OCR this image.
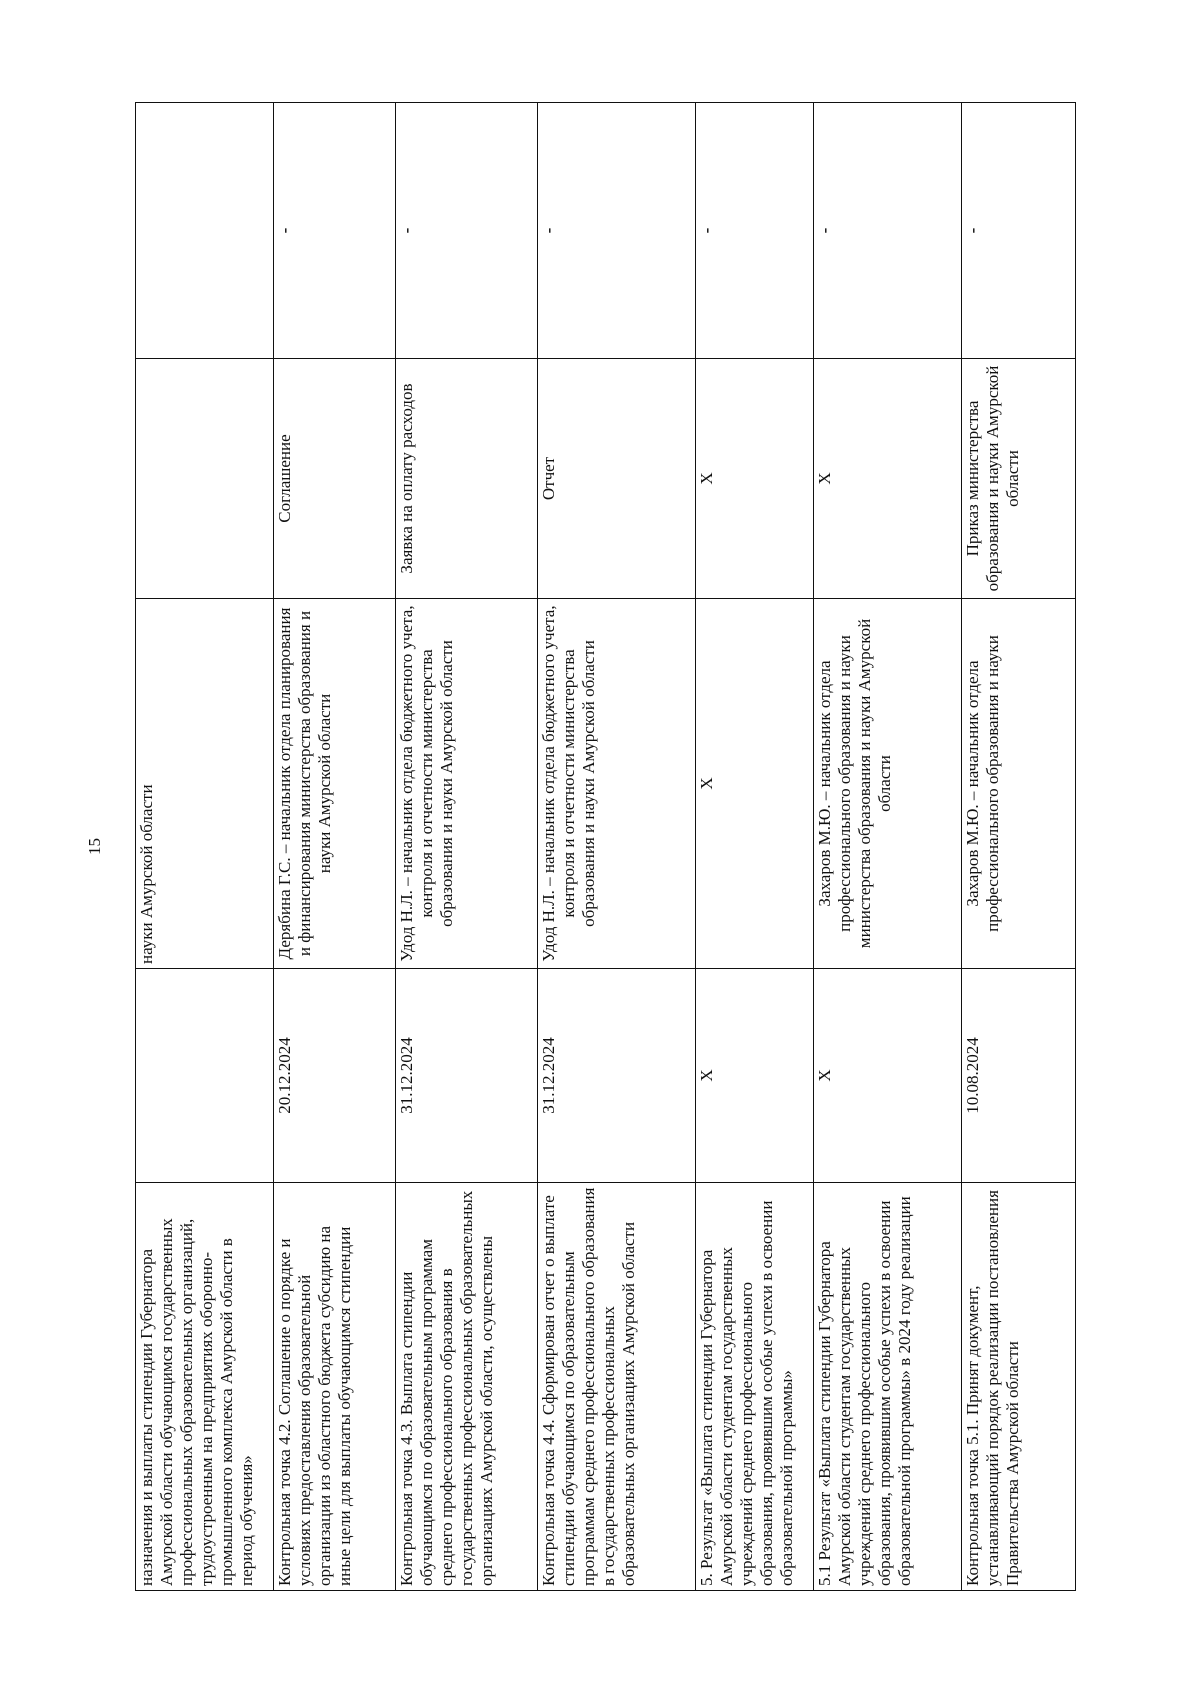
15
назначения и выплаты стипендии Губернатора Амурской области обучающимся государственных профессиональных образовательных организаций, трудоустроенным на предприятиях оборонно-промышленного комплекса Амурской области в период обучения»		науки Амурской области		
Контрольная точка 4.2. Соглашение о порядке и условиях предоставления образовательной организации из областного бюджета субсидию на иные цели для выплаты обучающимся стипендии	20.12.2024	Дерябина Г.С. – начальник отдела планирования и финансирования министерства образования и науки Амурской области	Соглашение	-
Контрольная точка 4.3. Выплата стипендии обучающимся по образовательным программам среднего профессионального образования в государственных профессиональных образовательных организациях Амурской области, осуществлены	31.12.2024	Удод Н.Л. – начальник отдела бюджетного учета, контроля и отчетности министерства образования и науки Амурской области	Заявка на оплату расходов	-
Контрольная точка 4.4. Сформирован отчет о выплате стипендии обучающимся по образовательным программам среднего профессионального образования в государственных профессиональных образовательных организациях Амурской области	31.12.2024	Удод Н.Л. – начальник отдела бюджетного учета, контроля и отчетности министерства образования и науки Амурской области	Отчет	-
5. Результат «Выплата стипендии Губернатора Амурской области студентам государственных учреждений среднего профессионального образования, проявившим особые успехи в освоении образовательной программы»	Х	Х	Х	-
5.1 Результат «Выплата стипендии Губернатора Амурской области студентам государственных учреждений среднего профессионального образования, проявившим особые успехи в освоении образовательной программы» в 2024 году реализации	Х	Захаров М.Ю. – начальник отдела профессионального образования и науки министерства образования и науки Амурской области	Х	-
Контрольная точка 5.1. Принят документ, устанавливающий порядок реализации постановления Правительства Амурской области	10.08.2024	Захаров М.Ю. – начальник отдела профессионального образования и науки	Приказ министерства образования и науки Амурской области	-
